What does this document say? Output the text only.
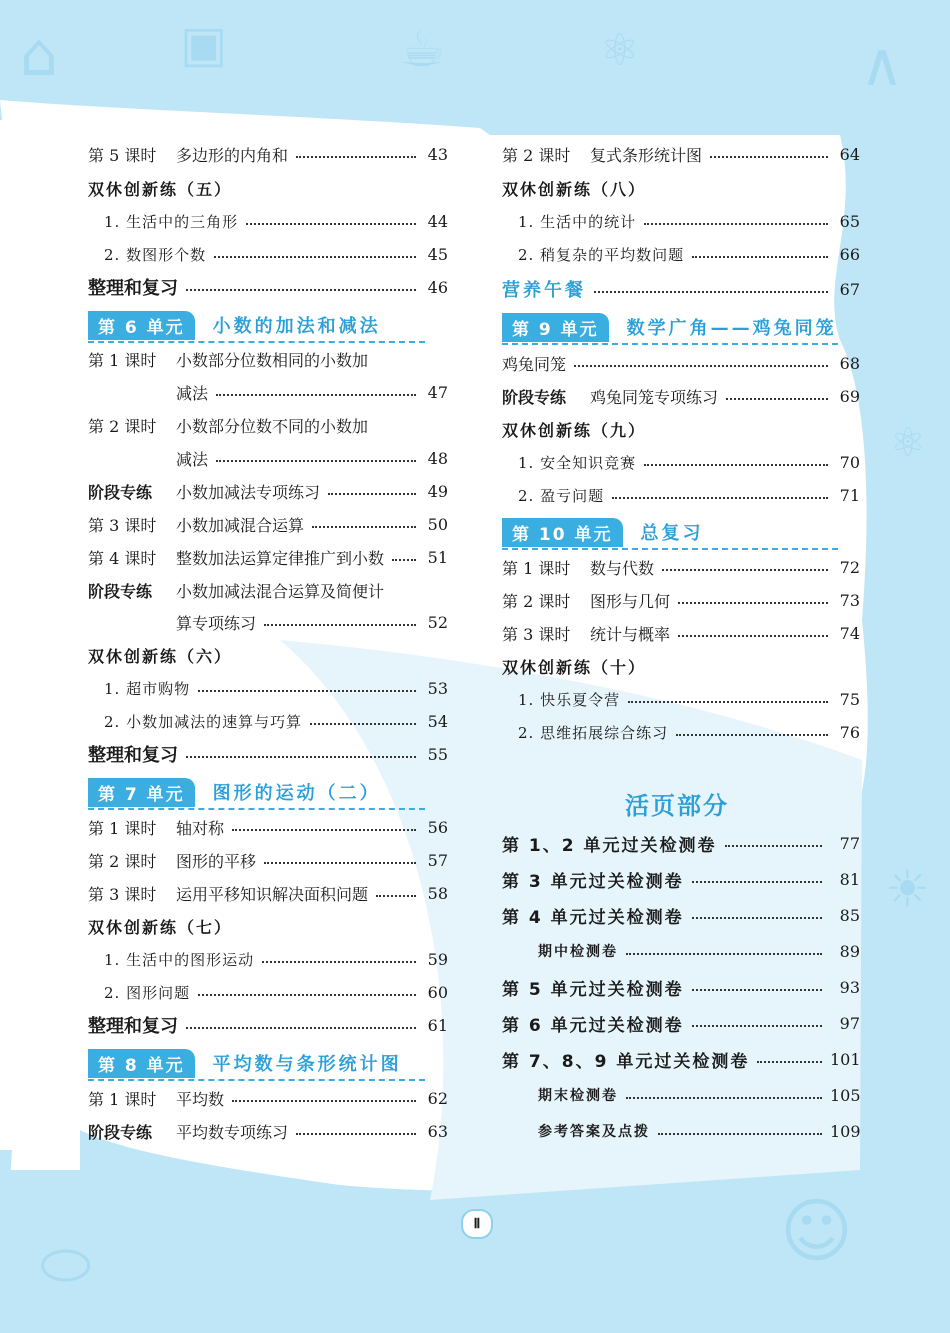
⌂ ▣	☕	⚛	∧
⚛
☀
☺
⬭
第 5 课时	多边形的内角和	43
双休创新练（五）
1. 生活中的三角形	44
2. 数图形个数	45
整理和复习	46
第 6 单元	小数的加法和减法
第 1 课时	小数部分位数相同的小数加
减法	47
第 2 课时	小数部分位数不同的小数加
减法	48
阶段专练	小数加减法专项练习	49
第 3 课时	小数加减混合运算	50
第 4 课时	整数加法运算定律推广到小数	51
阶段专练	小数加减法混合运算及简便计
算专项练习	52
双休创新练（六）
1. 超市购物	53
2. 小数加减法的速算与巧算	54
整理和复习	55
第 7 单元	图形的运动（二）
第 1 课时	轴对称	56
第 2 课时	图形的平移	57
第 3 课时	运用平移知识解决面积问题	58
双休创新练（七）
1. 生活中的图形运动	59
2. 图形问题	60
整理和复习	61
第 8 单元	平均数与条形统计图
第 1 课时	平均数	62
阶段专练	平均数专项练习	63
第 2 课时	复式条形统计图	64
双休创新练（八）
1. 生活中的统计	65
2. 稍复杂的平均数问题	66
营养午餐	67
第 9 单元	数学广角——鸡兔同笼
鸡兔同笼	68
阶段专练	鸡兔同笼专项练习	69
双休创新练（九）
1. 安全知识竞赛	70
2. 盈亏问题	71
第 10 单元	总复习
第 1 课时	数与代数	72
第 2 课时	图形与几何	73
第 3 课时	统计与概率	74
双休创新练（十）
1. 快乐夏令营	75
2. 思维拓展综合练习	76
活页部分
第 1、2 单元过关检测卷	77
第 3 单元过关检测卷	81
第 4 单元过关检测卷	85
期中检测卷	89
第 5 单元过关检测卷	93
第 6 单元过关检测卷	97
第 7、8、9 单元过关检测卷	101
期末检测卷	105
参考答案及点拨	109
Ⅱ
